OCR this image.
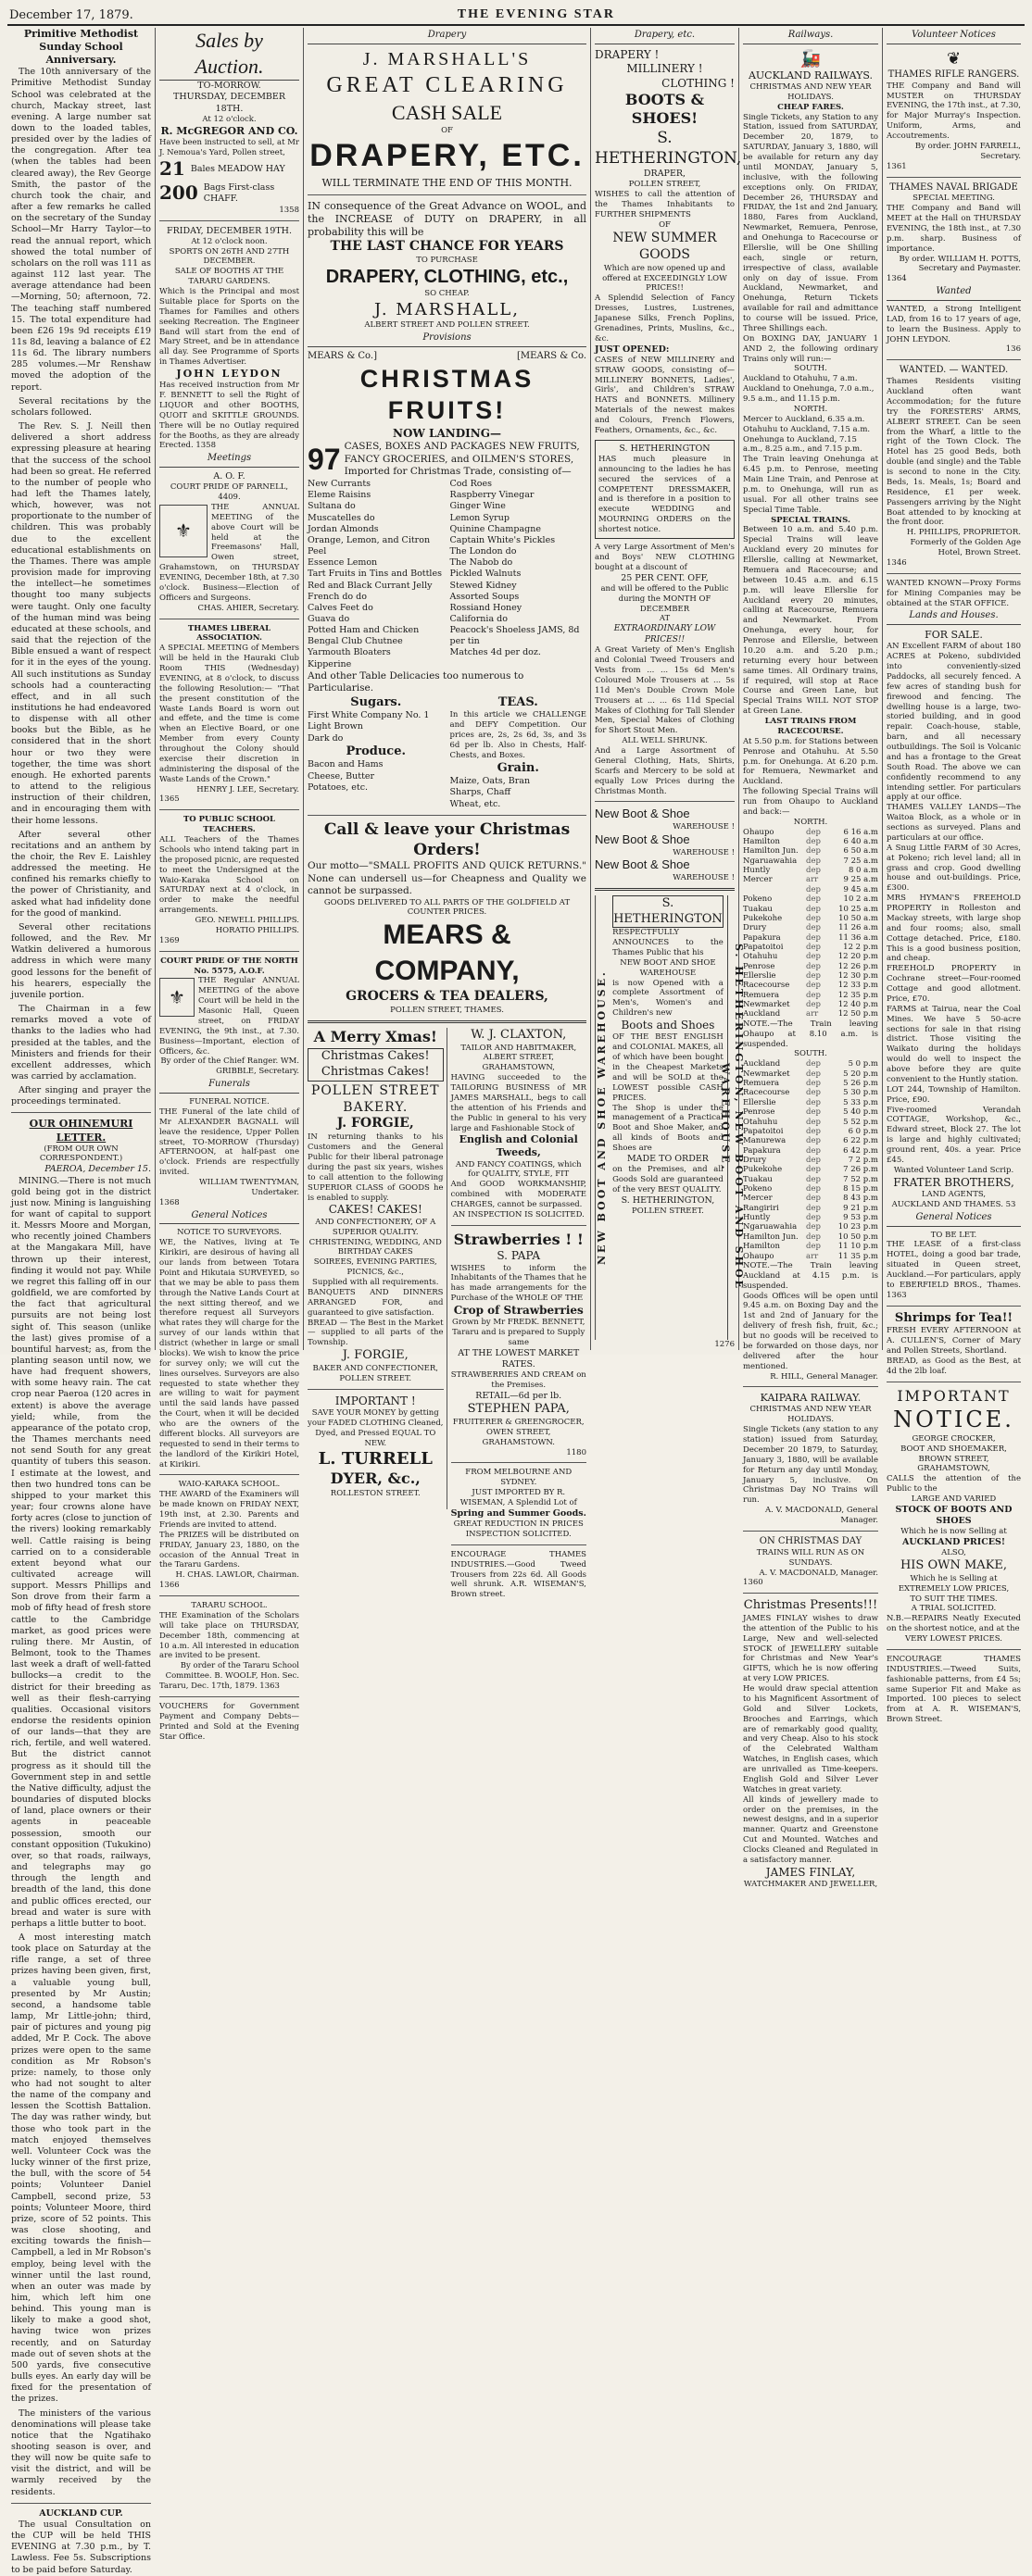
December 17, 1879.	THE EVENING STAR
Primitive Methodist Sunday School Anniversary.

The 10th anniversary of the Primitive Methodist Sunday School was celebrated at the church, Mackay street, last evening. A large number sat down to the loaded tables, presided over by the ladies of the congregation. After tea (when the tables had been cleared away), the Rev George Smith, the pastor of the church took the chair, and after a few remarks he called on the secretary of the Sunday School—Mr Harry Taylor—to read the annual report, which showed the total number of scholars on the roll was 111 as against 112 last year. The average attendance had been—Morning, 50; afternoon, 72. The teaching staff numbered 15. The total expenditure had been £26 19s 9d receipts £19 11s 8d, leaving a balance of £2 11s 6d. The library numbers 285 volumes.—Mr Renshaw moved the adoption of the report.

Several recitations by the scholars followed.

The Rev. S. J. Neill then delivered a short address expressing pleasure at hearing that the success of the school had been so great. He referred to the number of people who had left the Thames lately, which, however, was not proportionate to the number of children. This was probably due to the excellent educational establishments on the Thames. There was ample provision made for improving the intellect—he sometimes thought too many subjects were taught. Only one faculty of the human mind was being educated at these schools, and said that the rejection of the Bible ensued a want of respect for it in the eyes of the young. All such institutions as Sunday schools had a counteracting effect, and in all such institutions he had endeavored to dispense with all other books but the Bible, as he considered that in the short hour or two they were together, the time was short enough. He exhorted parents to attend to the religious instruction of their children, and in encouraging them with their home lessons.

After several other recitations and an anthem by the choir, the Rev E. Laishley addressed the meeting. He confined his remarks chiefly to the power of Christianity, and asked what had infidelity done for the good of mankind.

Several other recitations followed, and the Rev. Mr Watkin delivered a humorous address in which were many good lessons for the benefit of his hearers, especially the juvenile portion.

The Chairman in a few remarks moved a vote of thanks to the ladies who had presided at the tables, and the Ministers and friends for their excellent addresses, which was carried by acclamation.

After singing and prayer the proceedings terminated.

OUR OHINEMURI LETTER.
(FROM OUR OWN CORRESPONDENT.)
PAEROA, December 15.

MINING.—There is not much gold being got in the district just now. Mining is languishing for want of capital to support it. Messrs Moore and Morgan, who recently joined Chambers at the Mangakara Mill, have thrown up their interest, finding it would not pay. While we regret this falling off in our goldfield, we are comforted by the fact that agricultural pursuits are not being lost sight of. This season (unlike the last) gives promise of a bountiful harvest; as, from the planting season until now, we have had frequent showers, with some heavy rain. The cat crop near Paeroa (120 acres in extent) is above the average yield; while, from the appearance of the potato crop, the Thames merchants need not send South for any great quantity of tubers this season. I estimate at the lowest, and then two hundred tons can be shipped to your market this year; four crowns alone have forty acres (close to junction of the rivers) looking remarkably well. Cattle raising is being carried on to a considerable extent beyond what our cultivated acreage will support. Messrs Phillips and Son drove from their farm a mob of fifty head of fresh store cattle to the Cambridge market, as good prices were ruling there. Mr Austin, of Belmont, took to the Thames last week a draft of well-fatted bullocks—a credit to the district for their breeding as well as their flesh-carrying qualities. Occasional visitors endorse the residents opinion of our lands—that they are rich, fertile, and well watered. But the district cannot progress as it should till the Government step in and settle the Native difficulty, adjust the boundaries of disputed blocks of land, place owners or their agents in peaceable possession, smooth our constant opposition (Tukukino) over, so that roads, railways, and telegraphs may go through the length and breadth of the land, this done and public offices erected, our bread and water is sure with perhaps a little butter to boot.

A most interesting match took place on Saturday at the rifle range, a set of three prizes having been given, first, a valuable young bull, presented by Mr Austin; second, a handsome table lamp, Mr Little-john; third, pair of pictures and young pig added, Mr P. Cock. The above prizes were open to the same condition as Mr Robson's prize: namely, to those only who had not sought to alter the name of the company and lessen the Scottish Battalion. The day was rather windy, but those who took part in the match enjoyed themselves well. Volunteer Cock was the lucky winner of the first prize, the bull, with the score of 54 points; Volunteer Daniel Campbell, second prize, 53 points; Volunteer Moore, third prize, score of 52 points. This was close shooting, and exciting towards the finish—Campbell, a led in Mr Robson's employ, being level with the winner until the last round, when an outer was made by him, which left him one behind. This young man is likely to make a good shot, having twice won prizes recently, and on Saturday made out of seven shots at the 500 yards, five consecutive bulls eyes. An early day will be fixed for the presentation of the prizes.

The ministers of the various denominations will please take notice that the Ngatihako shooting season is over, and they will now be quite safe to visit the district, and will be warmly received by the residents.

AUCKLAND CUP.

The usual Consultation on the CUP will be held THIS EVENING at 7.30 p.m., by T. Lawless. Fee 5s. Subscriptions to be paid before Saturday.

Sales by Auction.
TO-MORROW.
THURSDAY, DECEMBER 18TH.
At 12 o'clock.
R. McGREGOR AND CO.
Have been instructed to sell, at Mr J. Nemoua's Yard, Pollen street,
21 Bales MEADOW HAY
200 Bags First-class CHAFF.
1358
FRIDAY, DECEMBER 19TH.
At 12 o'clock noon.
SPORTS ON 26TH AND 27TH DECEMBER.
SALE OF BOOTHS AT THE TARARU GARDENS.
Which is the Principal and most Suitable place for Sports on the Thames for Families and others seeking Recreation. The Engineer Band will start from the end of Mary Street, and be in attendance all day. See Programme of Sports in Thames Advertiser.
JOHN LEYDON
Has received instruction from Mr F. BENNETT to sell the Right of LIQUOR and other BOOTHS, QUOIT and SKITTLE GROUNDS. There will be no Outlay required for the Booths, as they are already Erected. 1358
Meetings
A. O. F.
COURT PRIDE OF PARNELL, 4409.
⚜
THE ANNUAL MEETING of the above Court will be held at the Freemasons' Hall, Owen street, Grahamstown, on THURSDAY EVENING, December 18th, at 7.30 o'clock. Business—Election of Officers and Surgeons.
CHAS. AHIER, Secretary.
THAMES LIBERAL ASSOCIATION.
A SPECIAL MEETING of Members will be held in the Hauraki Club Room THIS (Wednesday) EVENING, at 8 o'clock, to discuss the following Resolution:— "That the present constitution of the Waste Lands Board is worn out and effete, and the time is come when an Elective Board, or one Member from every County throughout the Colony should exercise their discretion in administering the disposal of the Waste Lands of the Crown."
HENRY J. LEE, Secretary.
1365
TO PUBLIC SCHOOL TEACHERS.
ALL Teachers of the Thames Schools who intend taking part in the proposed picnic, are requested to meet the Undersigned at the Waio-Karaka School on SATURDAY next at 4 o'clock, in order to make the needful arrangements.
GEO. NEWELL PHILLIPS. HORATIO PHILLIPS.
1369
COURT PRIDE OF THE NORTH No. 5575, A.O.F.
⚜
THE Regular ANNUAL MEETING of the above Court will be held in the Masonic Hall, Queen street, on FRIDAY EVENING, the 9th inst., at 7.30. Business—Important, election of Officers, &c.
By order of the Chief Ranger. WM. GRIBBLE, Secretary.
Funerals
FUNERAL NOTICE.
THE Funeral of the late child of Mr ALEXANDER BAGNALL will leave the residence, Upper Pollen street, TO-MORROW (Thursday) AFTERNOON, at half-past one o'clock. Friends are respectfully invited.
WILLIAM TWENTYMAN, Undertaker.
1368
General Notices
NOTICE TO SURVEYORS.
WE, the Natives, living at Te Kirikiri, are desirous of having all our lands from between Totara Point and Hikutaia SURVEYED, so that we may be able to pass them through the Native Lands Court at the next sitting thereof, and we therefore request all Surveyors what rates they will charge for the survey of our lands within that district (whether in large or small blocks). We wish to know the price for survey only; we will cut the lines ourselves. Surveyors are also requested to state whether they are willing to wait for payment until the said lands have passed the Court, when it will be decided who are the owners of the different blocks. All surveyors are requested to send in their terms to the landlord of the Kirikiri Hotel, at Kirikiri.
WAIO-KARAKA SCHOOL.
THE AWARD of the Examiners will be made known on FRIDAY NEXT, 19th inst, at 2.30. Parents and Friends are invited to attend.
The PRIZES will be distributed on FRIDAY, January 23, 1880, on the occasion of the Annual Treat in the Tararu Gardens.
H. CHAS. LAWLOR, Chairman.
1366
TARARU SCHOOL.
THE Examination of the Scholars will take place on THURSDAY, December 18th, commencing at 10 a.m. All interested in education are invited to be present.
By order of the Tararu School Committee. B. WOOLF, Hon. Sec.
Tararu, Dec. 17th, 1879. 1363
VOUCHERS for Government Payment and Company Debts—Printed and Sold at the Evening Star Office.
Drapery
J. MARSHALL'S
GREAT CLEARING
CASH SALE
OF
DRAPERY, ETC.
WILL TERMINATE THE END OF THIS MONTH.
IN consequence of the Great Advance on WOOL, and the INCREASE of DUTY on DRAPERY, in all probability this will be
THE LAST CHANCE FOR YEARS
TO PURCHASE
DRAPERY, CLOTHING, etc.,
SO CHEAP.
J. MARSHALL,
ALBERT STREET AND POLLEN STREET.
Provisions
MEARS & Co.]	[MEARS & Co.
CHRISTMAS FRUITS!
NOW LANDING—
97 CASES, BOXES AND PACKAGES NEW FRUITS, FANCY GROCERIES, and OILMEN'S STORES, Imported for Christmas Trade, consisting of—
New Currants
Eleme Raisins
Sultana do
Muscatelles do
Jordan Almonds
Orange, Lemon, and Citron Peel
Essence Lemon
Tart Fruits in Tins and Bottles
Red and Black Currant Jelly
French do do
Calves Feet do
Guava do
Potted Ham and Chicken
Bengal Club Chutnee
Yarmouth Bloaters
Kipperine
Cod Roes
Raspberry Vinegar
Ginger Wine
Lemon Syrup
Quinine Champagne
Captain White's Pickles
The London do
The Nabob do
Pickled Walnuts
Stewed Kidney
Assorted Soups
Rossiand Honey
California do
Peacock's Shoeless JAMS, 8d per tin
Matches 4d per doz.
And other Table Delicacies too numerous to Particularise.
Sugars.
First White Company No. 1
Light Brown
Dark do
Produce.
Bacon and Hams
Cheese, Butter
Potatoes, etc.
TEAS.
In this article we CHALLENGE and DEFY Competition. Our prices are, 2s, 2s 6d, 3s, and 3s 6d per lb. Also in Chests, Half-Chests, and Boxes.
Grain.
Maize, Oats, Bran
Sharps, Chaff
Wheat, etc.
Call & leave your Christmas Orders!
Our motto—"SMALL PROFITS AND QUICK RETURNS." None can undersell us—for Cheapness and Quality we cannot be surpassed.
GOODS DELIVERED TO ALL PARTS OF THE GOLDFIELD AT COUNTER PRICES.
MEARS & COMPANY,
GROCERS & TEA DEALERS,
POLLEN STREET, THAMES.
A Merry Xmas!
Christmas Cakes! Christmas Cakes!
POLLEN STREET BAKERY.
J. FORGIE,
IN returning thanks to his Customers and the General Public for their liberal patronage during the past six years, wishes to call attention to the following SUPERIOR CLASS of GOODS he is enabled to supply.
CAKES! CAKES!
AND CONFECTIONERY, OF A SUPERIOR QUALITY.
CHRISTENING, WEDDING, AND BIRTHDAY CAKES
SOIREES, EVENING PARTIES, PICNICS, &c.,
Supplied with all requirements.
BANQUETS AND DINNERS ARRANGED FOR, and guaranteed to give satisfaction.
BREAD — The Best in the Market — supplied to all parts of the Township.
J. FORGIE,
BAKER AND CONFECTIONER, POLLEN STREET.
IMPORTANT !
SAVE YOUR MONEY by getting your FADED CLOTHING Cleaned, Dyed, and Pressed EQUAL TO NEW.
L. TURRELL
DYER, &c.,
ROLLESTON STREET.
W. J. CLAXTON,
TAILOR AND HABITMAKER,
ALBERT STREET, GRAHAMSTOWN,
HAVING succeeded to the TAILORING BUSINESS of MR JAMES MARSHALL, begs to call the attention of his Friends and the Public in general to his very large and Fashionable Stock of
English and Colonial Tweeds,
AND FANCY COATINGS, which for QUALITY, STYLE, FIT
And GOOD WORKMANSHIP, combined with MODERATE CHARGES, cannot be surpassed.
AN INSPECTION IS SOLICITED.
Strawberries ! !
S. PAPA
WISHES to inform the Inhabitants of the Thames that he has made arrangements for the Purchase of the WHOLE OF THE
Crop of Strawberries
Grown by Mr FREDK. BENNETT, Tararu and is prepared to Supply same
AT THE LOWEST MARKET RATES.
STRAWBERRIES AND CREAM on the Premises.
RETAIL—6d per lb.
STEPHEN PAPA,
FRUITERER & GREENGROCER,
OWEN STREET, GRAHAMSTOWN.
1180
FROM MELBOURNE AND SYDNEY.
JUST IMPORTED BY R. WISEMAN, A Splendid Lot of
Spring and Summer Goods.
GREAT REDUCTION IN PRICES INSPECTION SOLICITED.
ENCOURAGE THAMES INDUSTRIES.—Good Tweed Trousers from 22s 6d. All Goods well shrunk. A.R. WISEMAN'S, Brown street.
Drapery, etc.
DRAPERY !
MILLINERY !
CLOTHING !
BOOTS & SHOES!
S. HETHERINGTON,
DRAPER,
POLLEN STREET,
WISHES to call the attention of the Thames Inhabitants to FURTHER SHIPMENTS
OF
NEW SUMMER GOODS
Which are now opened up and offered at EXCEEDINGLY LOW PRICES!!
A Splendid Selection of Fancy Dresses, Lustres, Lustrenes, Japanese Silks, French Poplins, Grenadines, Prints, Muslins, &c., &c.
JUST OPENED:
CASES of NEW MILLINERY and STRAW GOODS, consisting of— MILLINERY BONNETS, Ladies', Girls', and Children's STRAW HATS and BONNETS. Millinery Materials of the newest makes and Colours, French Flowers, Feathers, Ornaments, &c., &c.
S. HETHERINGTON
HAS much pleasure in announcing to the ladies he has secured the services of a COMPETENT DRESSMAKER, and is therefore in a position to execute WEDDING and MOURNING ORDERS on the shortest notice.
A very Large Assortment of Men's and Boys' NEW CLOTHING bought at a discount of
25 PER CENT. OFF,
and will be offered to the Public during the MONTH OF DECEMBER
AT
EXTRAORDINARY LOW PRICES!!
A Great Variety of Men's English and Colonial Tweed Trousers and Vests from ... ... 15s 6d Men's Coloured Mole Trousers at ... 5s 11d Men's Double Crown Mole Trousers at ... ... 6s 11d Special Makes of Clothing for Tall Slender Men, Special Makes of Clothing for Short Stout Men.
ALL WELL SHRUNK.
And a Large Assortment of General Clothing, Hats, Shirts, Scarfs and Mercery to be sold at equally Low Prices during the Christmas Month.
New Boot & Shoe
WAREHOUSE !
New Boot & Shoe
WAREHOUSE !
New Boot & Shoe
WAREHOUSE !
NEW BOOT AND SHOE WAREHOUSE.
S. HETHERINGTON
RESPECTFULLY ANNOUNCES to the Thames Public that his
NEW BOOT AND SHOE WAREHOUSE
is now Opened with a complete Assortment of Men's, Women's and Children's new
Boots and Shoes
OF THE BEST ENGLISH and COLONIAL MAKES, all of which have been bought in the Cheapest Markets and will be SOLD at the LOWEST possible CASH PRICES.
The Shop is under the management of a Practical Boot and Shoe Maker, and all kinds of Boots and Shoes are
MADE TO ORDER
on the Premises, and all Goods Sold are guaranteed of the very BEST QUALITY.
S. HETHERINGTON,
POLLEN STREET.	S. HETHERINGTON, NEW BOOT AND SHOE WAREHOUSE.
1276
Railways.
🚂
AUCKLAND RAILWAYS.
CHRISTMAS AND NEW YEAR HOLIDAYS.
CHEAP FARES.
Single Tickets, any Station to any Station, issued from SATURDAY, December 20, 1879, to SATURDAY, January 3, 1880, will be available for return any day until MONDAY, January 5, inclusive, with the following exceptions only. On FRIDAY, December 26, THURSDAY and FRIDAY, the 1st and 2nd January, 1880, Fares from Auckland, Newmarket, Remuera, Penrose, and Onehunga to Racecourse or Ellerslie, will be One Shilling each, single or return, irrespective of class, available only on day of issue. From Auckland, Newmarket, and Onehunga, Return Tickets available for rail and admittance to course will be issued. Price, Three Shillings each.
On BOXING DAY, JANUARY 1 AND 2, the following ordinary Trains only will run:—
SOUTH.
Auckland to Otahuhu, 7 a.m.
Auckland to Onehunga, 7.0 a.m., 9.5 a.m., and 11.15 p.m.
NORTH.
Mercer to Auckland, 6.35 a.m.
Otahuhu to Auckland, 7.15 a.m.
Onehunga to Auckland, 7.15 a.m., 8.25 a.m., and 7.15 p.m.
The Train leaving Onehunga at 6.45 p.m. to Penrose, meeting Main Line Train, and Penrose at p.m. to Onehunga, will run as usual. For all other trains see Special Time Table.
SPECIAL TRAINS.
Between 10 a.m. and 5.40 p.m. Special Trains will leave Auckland every 20 minutes for Ellerslie, calling at Newmarket, Remuera and Racecourse; and between 10.45 a.m. and 6.15 p.m. will leave Ellerslie for Auckland every 20 minutes, calling at Racecourse, Remuera and Newmarket. From Onehunga, every hour, for Penrose and Ellerslie, between 10.20 a.m. and 5.20 p.m.; returning every hour between same times. All Ordinary trains, if required, will stop at Race Course and Green Lane, but Special Trains WILL NOT STOP at Green Lane.
LAST TRAINS FROM RACECOURSE.
At 5.50 p.m. for Stations between Penrose and Otahuhu. At 5.50 p.m. for Onehunga. At 6.20 p.m. for Remuera, Newmarket and Auckland.
The following Special Trains will run from Ohaupo to Auckland and back:—
NORTH.
Ohaupo	dep	6 16 a.m
Hamilton	dep	6 40 a.m
Hamilton Jun. dep	6 50 a.m
Ngaruawahia	dep	7 25 a.m
Huntly	dep	8 0 a.m
Mercer	arr	9 25 a.m
dep	9 45 a.m
Pokeno	dep	10 2 a.m
Tuakau	dep	10 25 a.m
Pukekohe	dep	10 50 a.m
Drury	dep	11 26 a.m
Papakura	dep	11 36 a.m
Papatoitoi	dep	12 2 p.m
Otahuhu	dep	12 20 p.m
Penrose	dep	12 26 p.m
Ellerslie	dep	12 30 p.m
Racecourse	dep	12 33 p.m
Remuera	dep	12 35 p.m
Newmarket	dep	12 40 p.m
Auckland	arr	12 50 p.m
NOTE.—The Train leaving Ohaupo at 8.10 a.m. is suspended.
SOUTH.
Auckland	dep	5 0 p.m
Newmarket	dep	5 20 p.m
Remuera	dep	5 26 p.m
Racecourse	dep	5 30 p.m
Ellerslie	dep	5 33 p.m
Penrose	dep	5 40 p.m
Otahuhu	dep	5 52 p.m
Papatoitoi	dep	6 0 p.m
Manurewa	dep	6 22 p.m
Papakura	dep	6 42 p.m
Drury	dep	7 2 p.m
Pukekohe	dep	7 26 p.m
Tuakau	dep	7 52 p.m
Pokeno	dep	8 15 p.m
Mercer	dep	8 43 p.m
Rangiriri	dep	9 21 p.m
Huntly	dep	9 53 p.m
Ngaruawahia	dep	10 23 p.m
Hamilton Jun. dep	10 50 p.m
Hamilton	dep	11 10 p.m
Ohaupo	arr	11 35 p.m
NOTE.—The Train leaving Auckland at 4.15 p.m. is suspended.
Goods Offices will be open until 9.45 a.m. on Boxing Day and the 1st and 2nd of January for the delivery of fresh fish, fruit, &c.; but no goods will be received to be forwarded on those days, nor delivered after the hour mentioned.
R. HILL, General Manager.
KAIPARA RAILWAY.
CHRISTMAS AND NEW YEAR HOLIDAYS.
Single Tickets (any station to any station) issued from Saturday, December 20 1879, to Saturday, January 3, 1880, will be available for Return any day until Monday, January 5, inclusive. On Christmas Day NO Trains will run.
A. V. MACDONALD, General Manager.
ON CHRISTMAS DAY
TRAINS WILL RUN AS ON SUNDAYS.
A. V. MACDONALD, Manager.
1360
Christmas Presents!!!
JAMES FINLAY wishes to draw the attention of the Public to his Large, New and well-selected STOCK of JEWELLERY suitable for Christmas and New Year's GIFTS, which he is now offering at very LOW PRICES.
He would draw special attention to his Magnificent Assortment of Gold and Silver Lockets, Brooches and Earrings, which are of remarkably good quality, and very Cheap. Also to his stock of the Celebrated Waltham Watches, in English cases, which are unrivalled as Time-keepers. English Gold and Silver Lever Watches in great variety.
All kinds of jewellery made to order on the premises, in the newest designs, and in a superior manner. Quartz and Greenstone Cut and Mounted. Watches and Clocks Cleaned and Regulated in a satisfactory manner.
JAMES FINLAY,
WATCHMAKER AND JEWELLER,
Volunteer Notices
❦
THAMES RIFLE RANGERS.
THE Company and Band will MUSTER on THURSDAY EVENING, the 17th inst., at 7.30, for Major Murray's Inspection. Uniform, Arms, and Accoutrements.
By order. JOHN FARRELL, Secretary.
1361
THAMES NAVAL BRIGADE
SPECIAL MEETING.
THE Company and Band will MEET at the Hall on THURSDAY EVENING, the 18th inst., at 7.30 p.m. sharp. Business of importance.
By order. WILLIAM H. POTTS, Secretary and Paymaster.
1364
Wanted
WANTED, a Strong Intelligent LAD, from 16 to 17 years of age, to learn the Business. Apply to JOHN LEYDON.
136
WANTED. — WANTED.
Thames Residents visiting Auckland often want Accommodation; for the future try the FORESTERS' ARMS, ALBERT STREET. Can be seen from the Wharf, a little to the right of the Town Clock. The Hotel has 25 good Beds, both double (and single) and the Table is second to none in the City. Beds, 1s. Meals, 1s; Board and Residence, £1 per week. Passengers arriving by the Night Boat attended to by knocking at the front door.
H. PHILLIPS, PROPRIETOR. Formerly of the Golden Age Hotel, Brown Street.
1346
WANTED KNOWN—Proxy Forms for Mining Companies may be obtained at the STAR OFFICE.
Lands and Houses.
FOR SALE.
AN Excellent FARM of about 180 ACRES at Pokeno, subdivided into conveniently-sized Paddocks, all securely fenced. A few acres of standing bush for firewood and fencing. The dwelling house is a large, two-storied building, and in good repair. Coach-house, stable, barn, and all necessary outbuildings. The Soil is Volcanic and has a frontage to the Great South Road. The above we can confidently recommend to any intending settler. For particulars apply at our office.
THAMES VALLEY LANDS—The Waitoa Block, as a whole or in sections as surveyed. Plans and particulars at our office.
A Snug Little FARM of 30 Acres, at Pokeno; rich level land; all in grass and crop. Good dwelling house and out-buildings. Price, £300.
MRS HYMAN'S FREEHOLD PROPERTY in Rolleston and Mackay streets, with large shop and four rooms; also, small Cottage detached. Price, £180. This is a good business position, and cheap.
FREEHOLD PROPERTY in Cochrane street—Four-roomed Cottage and good allotment. Price, £70.
FARMS at Tairua, near the Coal Mines. We have 5 50-acre sections for sale in that rising district. Those visiting the Waikato during the holidays would do well to inspect the above before they are quite convenient to the Huntly station.
LOT 244, Township of Hamilton. Price, £90.
Five-roomed Verandah COTTAGE, Workshop, &c., Edward street, Block 27. The lot is large and highly cultivated; ground rent, 40s. a year. Price £45.
Wanted Volunteer Land Scrip.
FRATER BROTHERS,
LAND AGENTS,
AUCKLAND AND THAMES. 53
General Notices
TO BE LET.
THE LEASE of a first-class HOTEL, doing a good bar trade, situated in Queen street, Auckland.—For particulars, apply to EBERFIELD BROS., Thames. 1363
Shrimps for Tea!!
FRESH EVERY AFTERNOON at A. CULLEN'S, Corner of Mary and Pollen Streets, Shortland.
BREAD, as Good as the Best, at 4d the 2lb loaf.
IMPORTANT
NOTICE.
GEORGE CROCKER,
BOOT AND SHOEMAKER,
BROWN STREET, GRAHAMSTOWN,
CALLS the attention of the Public to the
LARGE AND VARIED
STOCK OF BOOTS AND SHOES
Which he is now Selling at
AUCKLAND PRICES!
ALSO,
HIS OWN MAKE,
Which he is Selling at
EXTREMELY LOW PRICES,
TO SUIT THE TIMES.
A TRIAL SOLICITED.
N.B.—REPAIRS Neatly Executed on the shortest notice, and at the
VERY LOWEST PRICES.
ENCOURAGE THAMES INDUSTRIES.—Tweed Suits, fashionable patterns, from £4 5s; same Superior Fit and Make as Imported. 100 pieces to select from at A. R. WISEMAN'S, Brown Street.
